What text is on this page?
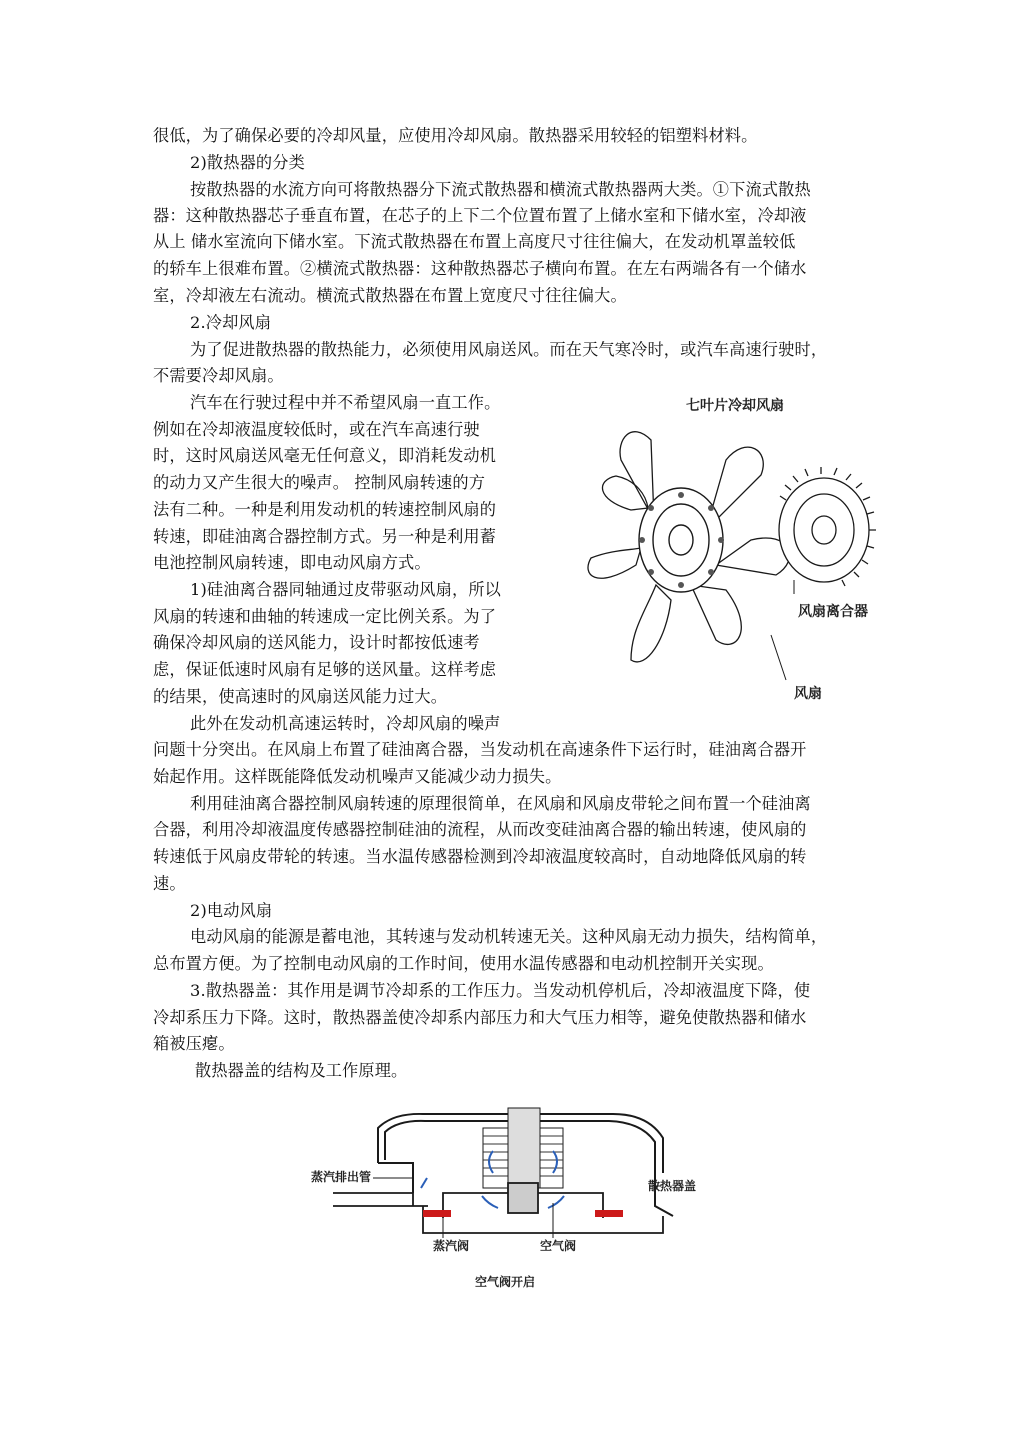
很低，为了确保必要的冷却风量，应使用冷却风扇。散热器采用较轻的铝塑料材料。
2)散热器的分类
按散热器的水流方向可将散热器分下流式散热器和横流式散热器两大类。①下流式散热
器：这种散热器芯子垂直布置，在芯子的上下二个位置布置了上储水室和下储水室，冷却液
从上 储水室流向下储水室。下流式散热器在布置上高度尺寸往往偏大，在发动机罩盖较低
的轿车上很难布置。②横流式散热器：这种散热器芯子横向布置。在左右两端各有一个储水
室，冷却液左右流动。横流式散热器在布置上宽度尺寸往往偏大。
2.冷却风扇
为了促进散热器的散热能力，必须使用风扇送风。而在天气寒冷时，或汽车高速行驶时，
不需要冷却风扇。
汽车在行驶过程中并不希望风扇一直工作。
例如在冷却液温度较低时，或在汽车高速行驶
时，这时风扇送风毫无任何意义，即消耗发动机
的动力又产生很大的噪声。 控制风扇转速的方
法有二种。一种是利用发动机的转速控制风扇的
转速，即硅油离合器控制方式。另一种是利用蓄
电池控制风扇转速，即电动风扇方式。
1)硅油离合器同轴通过皮带驱动风扇，所以
风扇的转速和曲轴的转速成一定比例关系。为了
确保冷却风扇的送风能力，设计时都按低速考
虑，保证低速时风扇有足够的送风量。这样考虑
的结果，使高速时的风扇送风能力过大。
此外在发动机高速运转时，冷却风扇的噪声
问题十分突出。在风扇上布置了硅油离合器，当发动机在高速条件下运行时，硅油离合器开
始起作用。这样既能降低发动机噪声又能减少动力损失。
利用硅油离合器控制风扇转速的原理很简单，在风扇和风扇皮带轮之间布置一个硅油离
合器，利用冷却液温度传感器控制硅油的流程，从而改变硅油离合器的输出转速，使风扇的
转速低于风扇皮带轮的转速。当水温传感器检测到冷却液温度较高时，自动地降低风扇的转
速。
2)电动风扇
电动风扇的能源是蓄电池，其转速与发动机转速无关。这种风扇无动力损失，结构简单，
总布置方便。为了控制电动风扇的工作时间，使用水温传感器和电动机控制开关实现。
3.散热器盖：其作用是调节冷却系的工作压力。当发动机停机后，冷却液温度下降，使
冷却系压力下降。这时，散热器盖使冷却系内部压力和大气压力相等，避免使散热器和储水
箱被压瘪。
散热器盖的结构及工作原理。
七叶片冷却风扇
风扇离合器
风扇
蒸汽排出管
散热器盖
蒸汽阀	空气阀
空气阀开启
